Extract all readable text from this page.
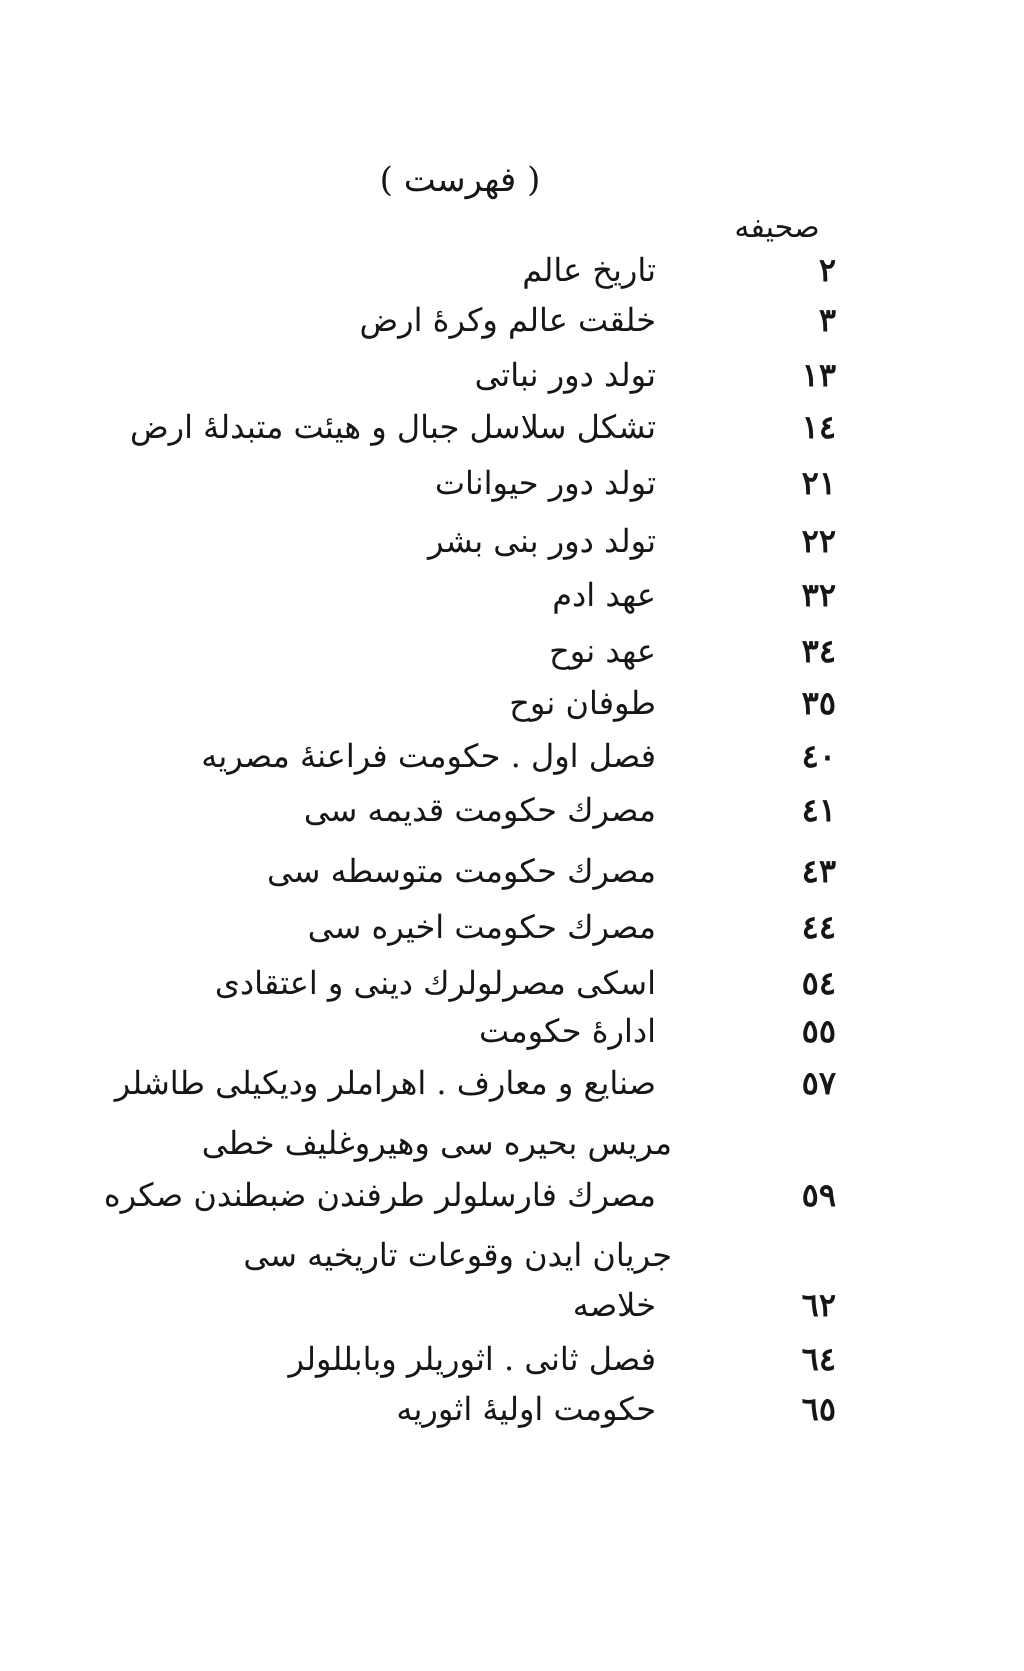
( فهرست )
صحیفه
٢
تاریخ عالم
٣
خلقت عالم وکرهٔ ارض
١٣
تولد دور نباتی
١٤
تشکل سلاسل جبال و هیئت متبدلهٔ ارض
٢١
تولد دور حیوانات
٢٢
تولد دور بنی بشر
٣٢
عهد ادم
٣٤
عهد نوح
٣٥
طوفان نوح
٤٠
فصل اول . حکومت فراعنهٔ مصریه
٤١
مصرك حکومت قدیمه سی
٤٣
مصرك حکومت متوسطه سی
٤٤
مصرك حکومت اخیره سی
٥٤
اسکی مصرلولرك دینی و اعتقادی
٥٥
ادارهٔ حکومت
٥٧
صنایع و معارف . اهراملر ودیکیلی طاشلر
مریس بحیره سی وهیروغلیف خطی
٥٩
مصرك فارسلولر طرفندن ضبطندن صکره
جریان ایدن وقوعات تاریخیه سی
٦٢
خلاصه
٦٤
فصل ثانی . اثوریلر وبابللولر
٦٥
حکومت اولیهٔ اثوریه
